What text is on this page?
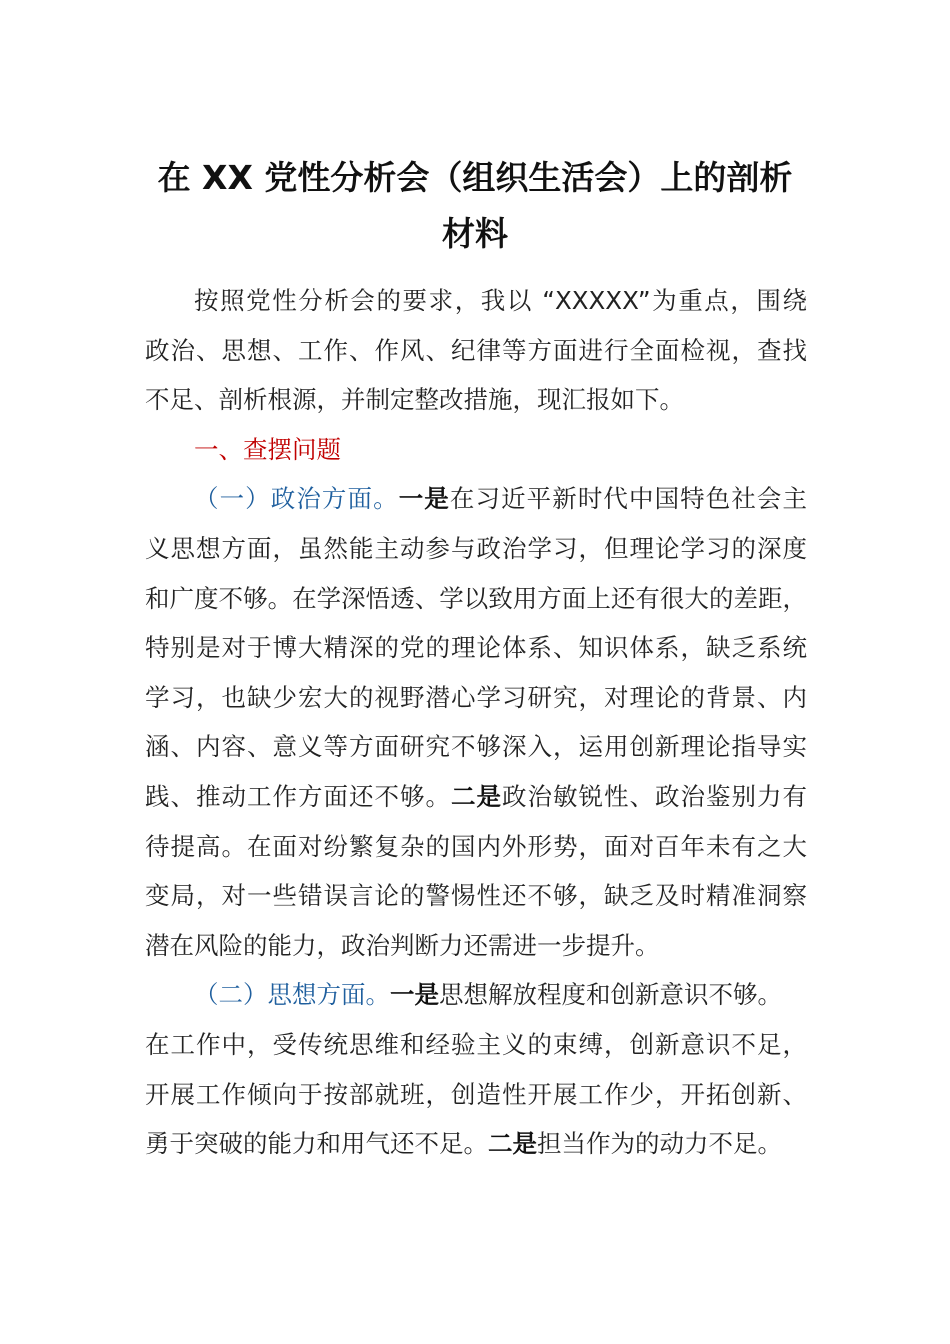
在 XX 党性分析会（组织生活会）上的剖析
材料
按照党性分析会的要求，我以 “XXXXX”为重点，围绕
政治、思想、工作、作风、纪律等方面进行全面检视，查找
不足、剖析根源，并制定整改措施，现汇报如下。
一、查摆问题
（一）政治方面。一是在习近平新时代中国特色社会主
义思想方面，虽然能主动参与政治学习，但理论学习的深度
和广度不够。在学深悟透、学以致用方面上还有很大的差距，
特别是对于博大精深的党的理论体系、知识体系，缺乏系统
学习，也缺少宏大的视野潜心学习研究，对理论的背景、内
涵、内容、意义等方面研究不够深入，运用创新理论指导实
践、推动工作方面还不够。二是政治敏锐性、政治鉴别力有
待提高。在面对纷繁复杂的国内外形势，面对百年未有之大
变局，对一些错误言论的警惕性还不够，缺乏及时精准洞察
潜在风险的能力，政治判断力还需进一步提升。
（二）思想方面。一是思想解放程度和创新意识不够。
在工作中，受传统思维和经验主义的束缚，创新意识不足，
开展工作倾向于按部就班，创造性开展工作少，开拓创新、
勇于突破的能力和用气还不足。二是担当作为的动力不足。
